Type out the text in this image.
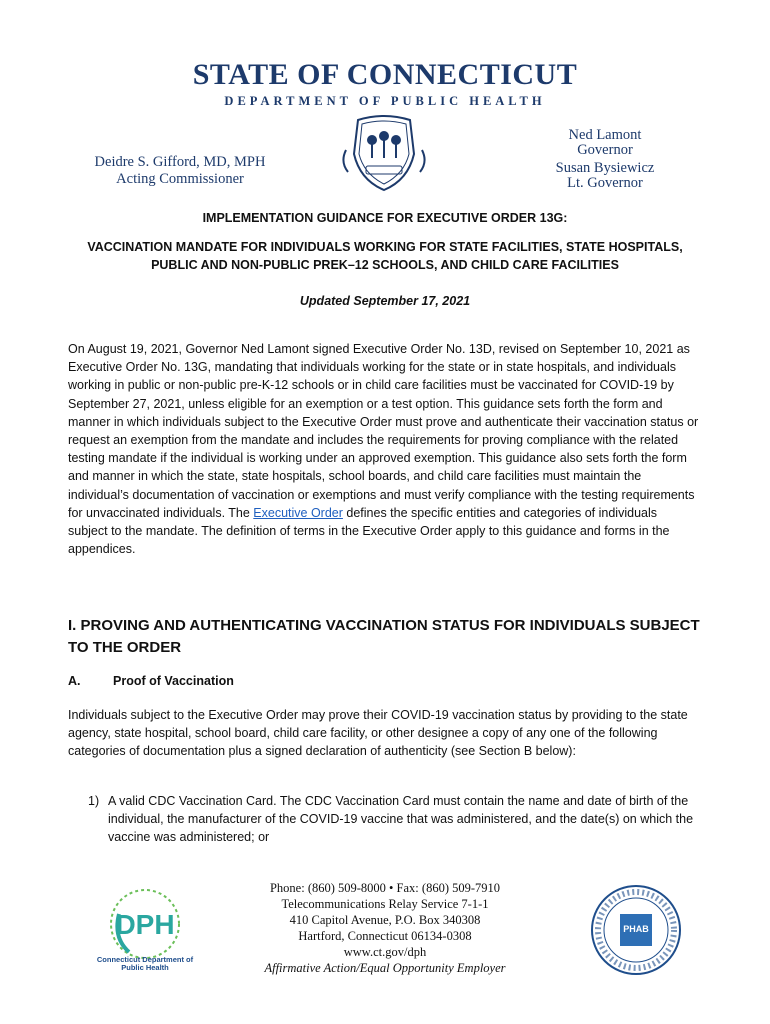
STATE OF CONNECTICUT
DEPARTMENT OF PUBLIC HEALTH
Deidre S. Gifford, MD, MPH
Acting Commissioner
Ned Lamont
Governor
Susan Bysiewicz
Lt. Governor
IMPLEMENTATION GUIDANCE FOR EXECUTIVE ORDER 13G:
VACCINATION MANDATE FOR INDIVIDUALS WORKING FOR STATE FACILITIES, STATE HOSPITALS,
PUBLIC AND NON-PUBLIC PREK–12 SCHOOLS, AND CHILD CARE FACILITIES
Updated September 17, 2021
On August 19, 2021, Governor Ned Lamont signed Executive Order No. 13D, revised on September 10, 2021 as Executive Order No. 13G, mandating that individuals working for the state or in state hospitals, and individuals working in public or non-public pre-K-12 schools or in child care facilities must be vaccinated for COVID-19 by September 27, 2021, unless eligible for an exemption or a test option. This guidance sets forth the form and manner in which individuals subject to the Executive Order must prove and authenticate their vaccination status or request an exemption from the mandate and includes the requirements for proving compliance with the related testing mandate if the individual is working under an approved exemption. This guidance also sets forth the form and manner in which the state, state hospitals, school boards, and child care facilities must maintain the individual’s documentation of vaccination or exemptions and must verify compliance with the testing requirements for unvaccinated individuals. The Executive Order defines the specific entities and categories of individuals subject to the mandate. The definition of terms in the Executive Order apply to this guidance and forms in the appendices.
I. PROVING AND AUTHENTICATING VACCINATION STATUS FOR INDIVIDUALS SUBJECT TO THE ORDER
A.	Proof of Vaccination
Individuals subject to the Executive Order may prove their COVID-19 vaccination status by providing to the state agency, state hospital, school board, child care facility, or other designee a copy of any one of the following categories of documentation plus a signed declaration of authenticity (see Section B below):
1) A valid CDC Vaccination Card. The CDC Vaccination Card must contain the name and date of birth of the individual, the manufacturer of the COVID-19 vaccine that was administered, and the date(s) on which the vaccine was administered; or
DPH
Connecticut Department of Public Health
Phone: (860) 509-8000 • Fax: (860) 509-7910
Telecommunications Relay Service 7-1-1
410 Capitol Avenue, P.O. Box 340308
Hartford, Connecticut 06134-0308
www.ct.gov/dph
Affirmative Action/Equal Opportunity Employer
PHAB
